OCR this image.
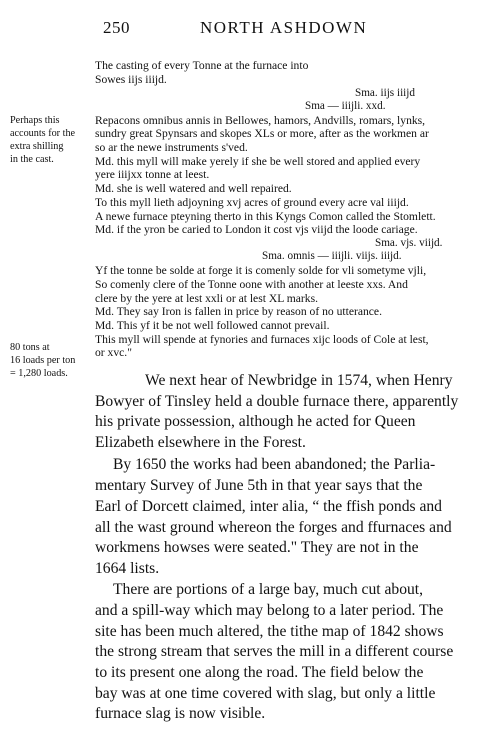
250	NORTH ASHDOWN
The casting of every Tonne at the furnace into
Sowes iijs iiijd.
Sma. iijs iiijd
Sma — iiijli. xxd.
Repacons omnibus annis in Bellowes, hamors, Andvills, romars, lynks,
sundry great Spynsars and skopes XLs or more, after as the workmen ar
so ar the newe instruments s'ved.
Md. this myll will make yerely if she be well stored and applied every
yere iiijxx tonne at leest.
Md. she is well watered and well repaired.
To this myll lieth adjoyning xvj acres of ground every acre val iiijd.
A newe furnace pteyning therto in this Kyngs Comon called the Stomlett.
Md. if the yron be caried to London it cost vjs viijd the loode cariage.
Sma. vjs. viijd.
Sma. omnis — iiijli. viijs. iiijd.
Yf the tonne be solde at forge it is comenly solde for vli sometyme vjli,
So comenly clere of the Tonne oone with another at leeste xxs. And
clere by the yere at lest xxli or at lest XL marks.
Md. They say Iron is fallen in price by reason of no utterance.
Md. This yf it be not well followed cannot prevail.
This myll will spende at fynories and furnaces xijc loods of Cole at lest,
or xvc."
Perhaps this
accounts for the
extra shilling
in the cast.
80 tons at
16 loads per ton
= 1,280 loads.	We next hear of Newbridge in 1574, when Henry
Bowyer of Tinsley held a double furnace there, apparently
his private possession, although he acted for Queen
Elizabeth elsewhere in the Forest.
By 1650 the works had been abandoned; the Parlia-
mentary Survey of June 5th in that year says that the
Earl of Dorcett claimed, inter alia, “ the ffish ponds and
all the wast ground whereon the forges and ffurnaces and
workmens howses were seated." They are not in the
1664 lists.
There are portions of a large bay, much cut about,
and a spill-way which may belong to a later period. The
site has been much altered, the tithe map of 1842 shows
the strong stream that serves the mill in a different course
to its present one along the road. The field below the
bay was at one time covered with slag, but only a little
furnace slag is now visible.
